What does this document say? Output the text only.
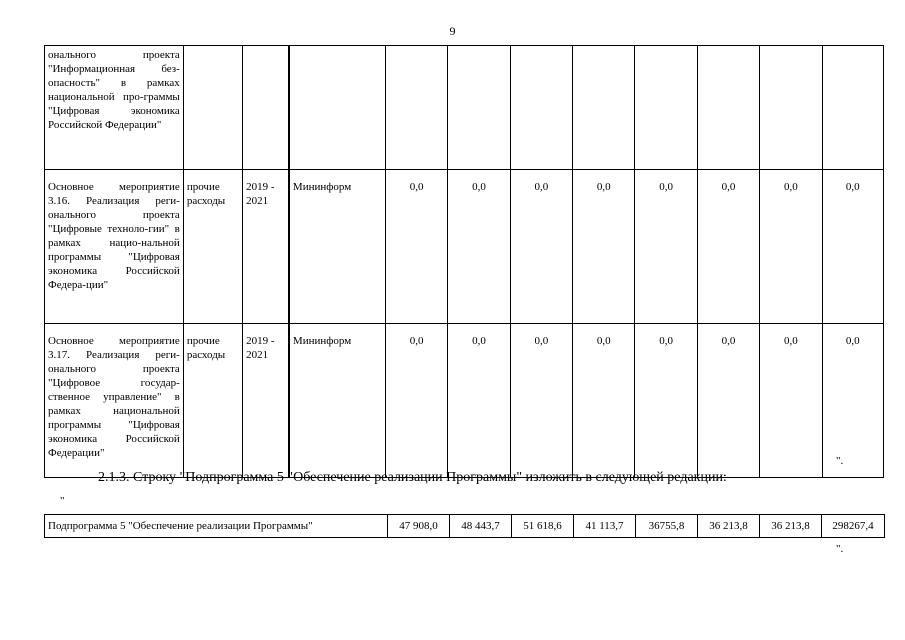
9
онального проекта "Информационная без-опасность" в рамках национальной про-граммы "Цифровая экономика Российской Федерации"											
Основное мероприятие 3.16. Реализация реги-онального проекта "Цифровые техноло-гии" в рамках нацио-нальной программы "Цифровая экономика Российской Федера-ции"	прочие расходы	2019 - 2021	Мининформ	0,0	0,0	0,0	0,0	0,0	0,0	0,0	0,0
Основное мероприятие 3.17. Реализация реги-онального проекта "Цифровое государ-ственное управление" в рамках национальной программы "Цифровая экономика Российской Федерации"	прочие расходы	2019 - 2021	Мининформ	0,0	0,0	0,0	0,0	0,0	0,0	0,0	0,0
".
2.1.3. Строку "Подпрограмма 5 "Обеспечение реализации Программы" изложить в следующей редакции:
"
Подпрограмма 5 "Обеспечение реализации Программы"	47 908,0	48 443,7	51 618,6	41 113,7	36755,8	36 213,8	36 213,8	298267,4
".
